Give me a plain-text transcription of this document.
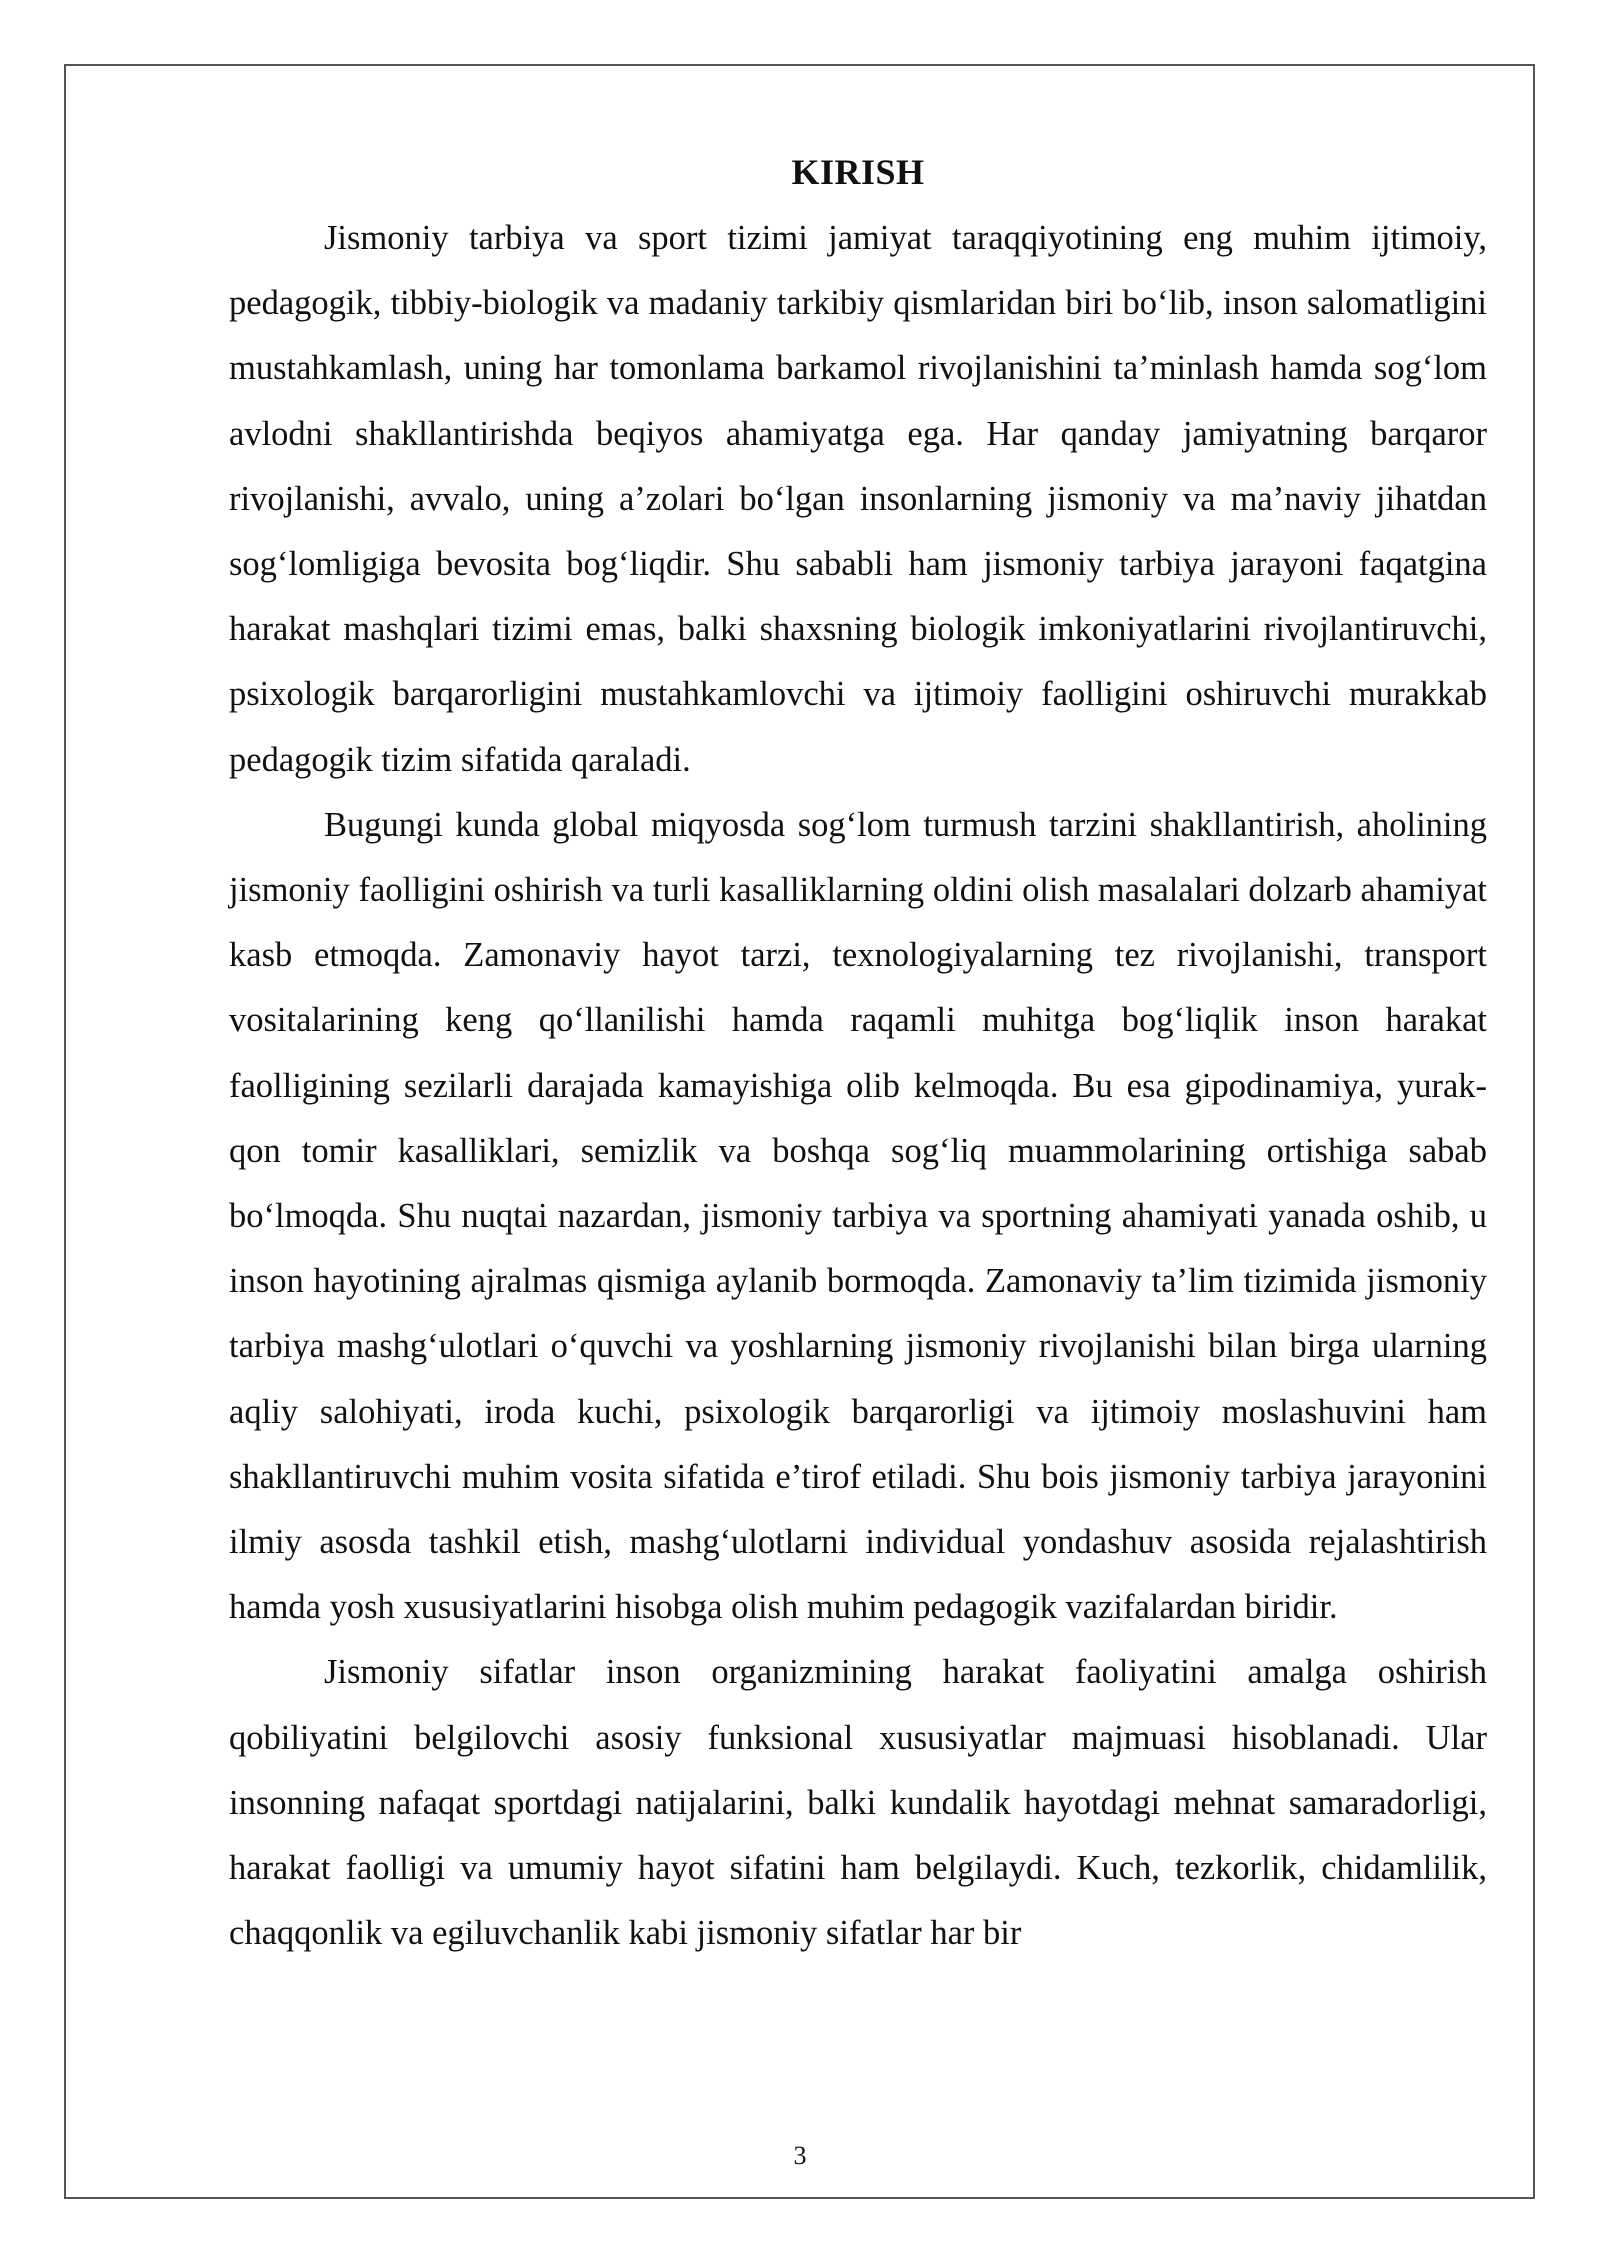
KIRISH

Jismoniy tarbiya va sport tizimi jamiyat taraqqiyotining eng muhim ijtimoiy, pedagogik, tibbiy-biologik va madaniy tarkibiy qismlaridan biri bo‘lib, inson salomatligini mustahkamlash, uning har tomonlama barkamol rivojlanishini ta’minlash hamda sog‘lom avlodni shakllantirishda beqiyos ahamiyatga ega. Har qanday jamiyatning barqaror rivojlanishi, avvalo, uning a’zolari bo‘lgan insonlarning jismoniy va ma’naviy jihatdan sog‘lomligiga bevosita bog‘liqdir. Shu sababli ham jismoniy tarbiya jarayoni faqatgina harakat mashqlari tizimi emas, balki shaxsning biologik imkoniyatlarini rivojlantiruvchi, psixologik barqarorligini mustahkamlovchi va ijtimoiy faolligini oshiruvchi murakkab pedagogik tizim sifatida qaraladi.

Bugungi kunda global miqyosda sog‘lom turmush tarzini shakllantirish, aholining jismoniy faolligini oshirish va turli kasalliklarning oldini olish masalalari dolzarb ahamiyat kasb etmoqda. Zamonaviy hayot tarzi, texnologiyalarning tez rivojlanishi, transport vositalarining keng qo‘llanilishi hamda raqamli muhitga bog‘liqlik inson harakat faolligining sezilarli darajada kamayishiga olib kelmoqda. Bu esa gipodinamiya, yurak-qon tomir kasalliklari, semizlik va boshqa sog‘liq muammolarining ortishiga sabab bo‘lmoqda. Shu nuqtai nazardan, jismoniy tarbiya va sportning ahamiyati yanada oshib, u inson hayotining ajralmas qismiga aylanib bormoqda. Zamonaviy ta’lim tizimida jismoniy tarbiya mashg‘ulotlari o‘quvchi va yoshlarning jismoniy rivojlanishi bilan birga ularning aqliy salohiyati, iroda kuchi, psixologik barqarorligi va ijtimoiy moslashuvini ham shakllantiruvchi muhim vosita sifatida e’tirof etiladi. Shu bois jismoniy tarbiya jarayonini ilmiy asosda tashkil etish, mashg‘ulotlarni individual yondashuv asosida rejalashtirish hamda yosh xususiyatlarini hisobga olish muhim pedagogik vazifalardan biridir.

Jismoniy sifatlar inson organizmining harakat faoliyatini amalga oshirish qobiliyatini belgilovchi asosiy funksional xususiyatlar majmuasi hisoblanadi. Ular insonning nafaqat sportdagi natijalarini, balki kundalik hayotdagi mehnat samaradorligi, harakat faolligi va umumiy hayot sifatini ham belgilaydi. Kuch, tezkorlik, chidamlilik, chaqqonlik va egiluvchanlik kabi jismoniy sifatlar har bir

3
